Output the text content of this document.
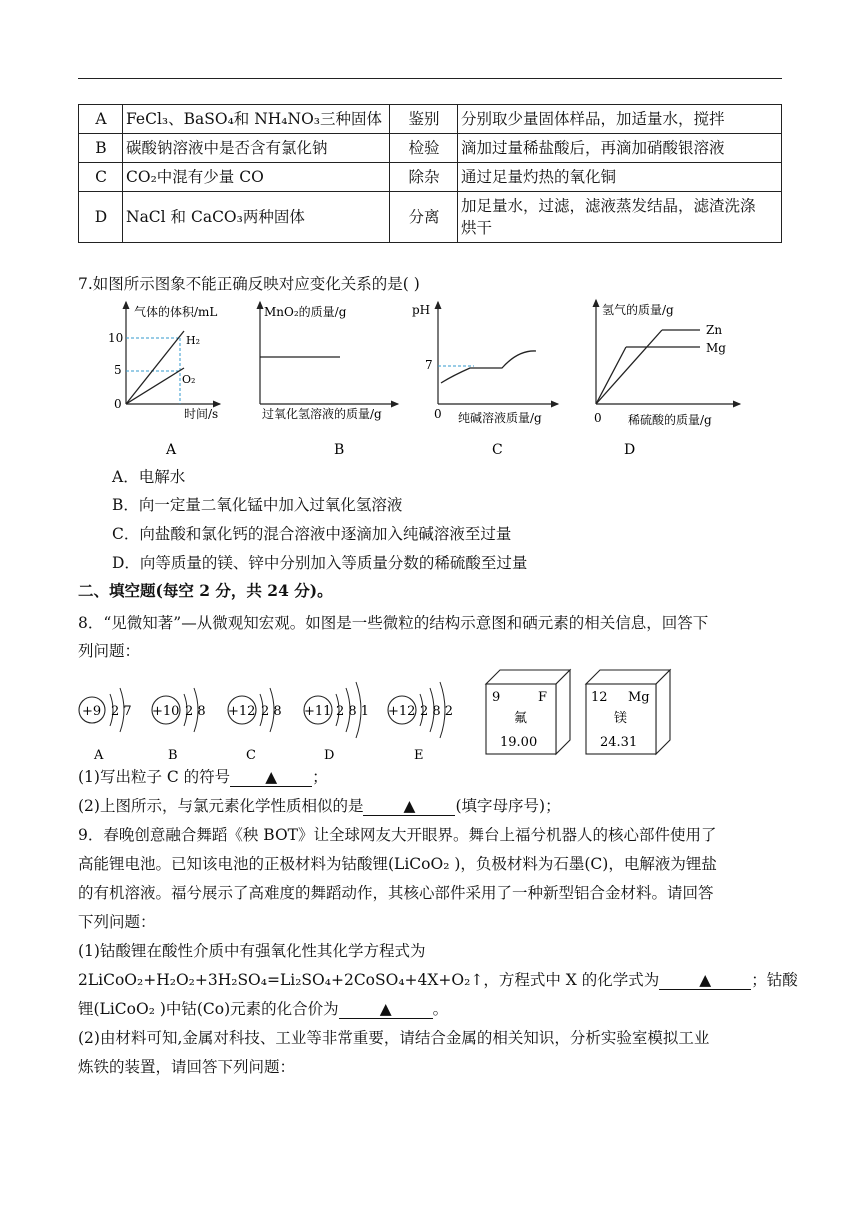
A	FeCl₃、BaSO₄和 NH₄NO₃三种固体	鉴别	分别取少量固体样品，加适量水，搅拌
B	碳酸钠溶液中是否含有氯化钠	检验	滴加过量稀盐酸后，再滴加硝酸银溶液
C	CO₂中混有少量 CO	除杂	通过足量灼热的氧化铜
D	NaCl 和 CaCO₃两种固体	分离	加足量水，过滤，滤液蒸发结晶，滤渣洗涤
烘干
7.如图所示图象不能正确反映对应变化关系的是( )
气体的体积/mL
时间/s
10
5
0
H₂
O₂
A
MnO₂的质量/g
过氧化氢溶液的质量/g
B
pH
纯碱溶液质量/g
7
0
C
氢气的质量/g
稀硫酸的质量/g
0
Zn
Mg
D
A．电解水
B．向一定量二氧化锰中加入过氧化氢溶液
C．向盐酸和氯化钙的混合溶液中逐滴加入纯碱溶液至过量
D．向等质量的镁、锌中分别加入等质量分数的稀硫酸至过量
二、填空题(每空 2 分，共 24 分)。
8．“见微知著”—从微观知宏观。如图是一些微粒的结构示意图和硒元素的相关信息，回答下
列问题：
+9 2 7
A
+10 2 8
B
+12 2 8
C
+11 2 8 1
D
+12 2 8 2
E
9	F
氟
19.00
12 Mg
镁
24.31
(1)写出粒子 C 的符号 ▲ ；
(2)上图所示，与氯元素化学性质相似的是	▲	(填字母序号)；
9．春晚创意融合舞蹈《秧 BOT》让全球网友大开眼界。舞台上福兮机器人的核心部件使用了
高能锂电池。已知该电池的正极材料为钴酸锂(LiCoO₂ )，负极材料为石墨(C)，电解液为锂盐
的有机溶液。福兮展示了高难度的舞蹈动作，其核心部件采用了一种新型铝合金材料。请回答
下列问题：
(1)钴酸锂在酸性介质中有强氧化性其化学方程式为
2LiCoO₂+H₂O₂+3H₂SO₄=Li₂SO₄+2CoSO₄+4X+O₂↑，方程式中 X 的化学式为	▲	；钴酸
锂(LiCoO₂ )中钴(Co)元素的化合价为	▲	。
(2)由材料可知,金属对科技、工业等非常重要，请结合金属的相关知识，分析实验室模拟工业
炼铁的装置，请回答下列问题：
